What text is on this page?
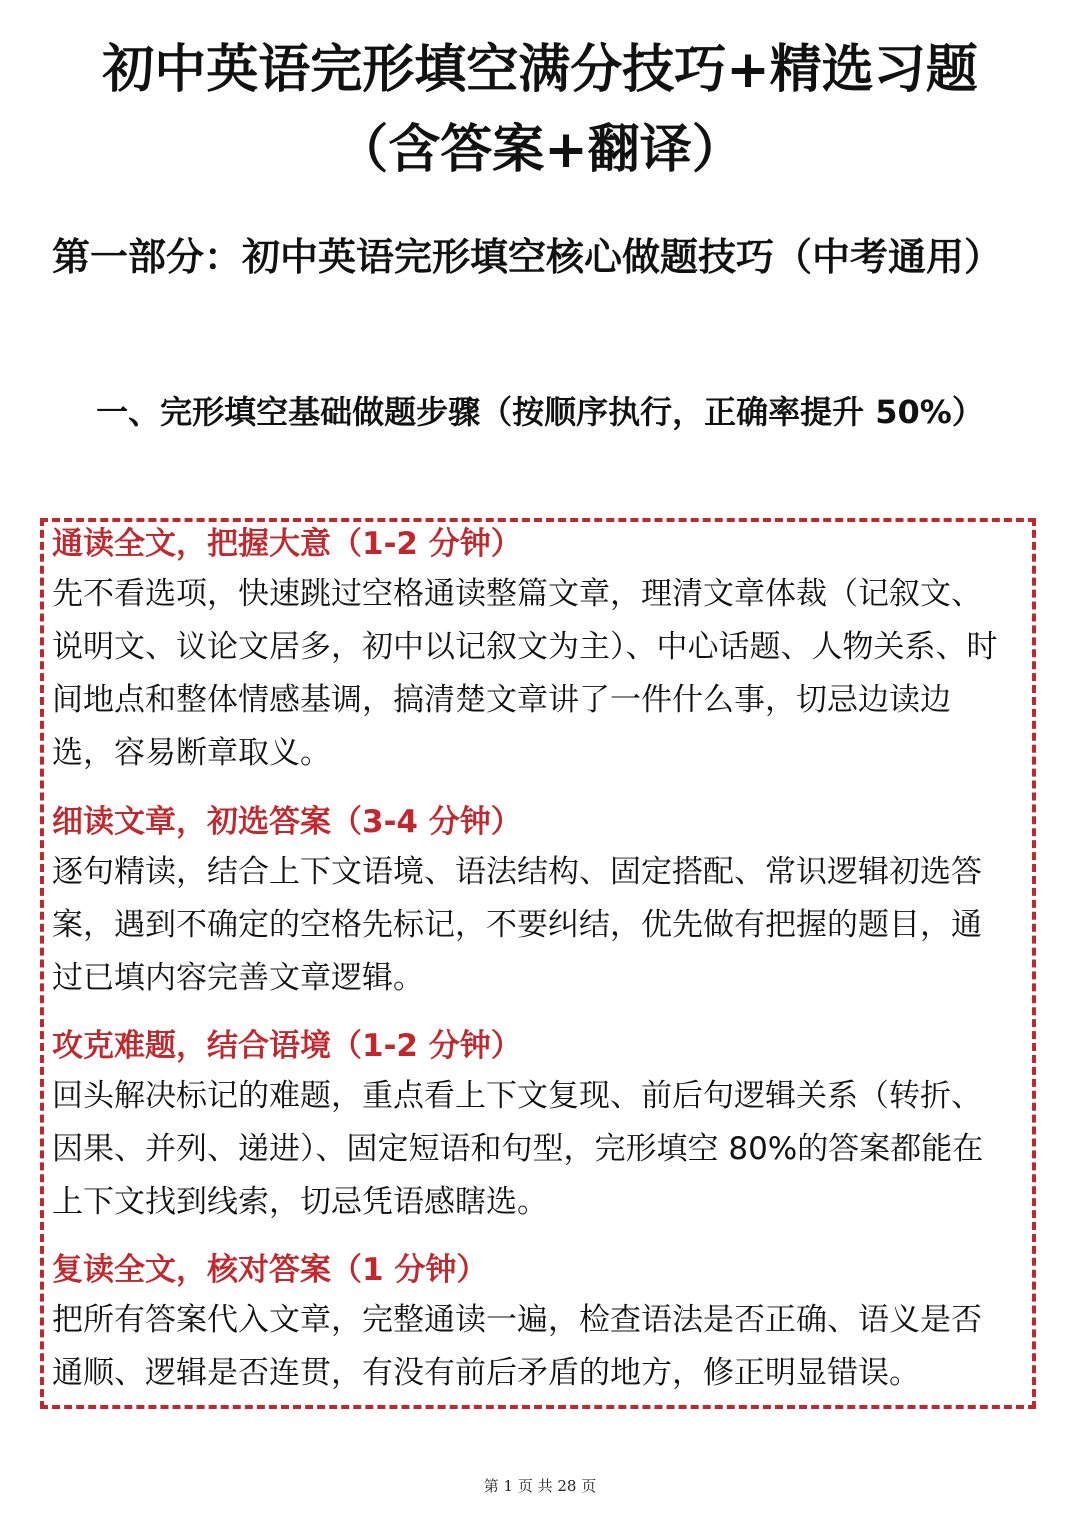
初中英语完形填空满分技巧+精选习题
（含答案+翻译）
第一部分：初中英语完形填空核心做题技巧（中考通用）
一、完形填空基础做题步骤（按顺序执行，正确率提升 50%）

通读全文，把握大意（1-2 分钟）

先不看选项，快速跳过空格通读整篇文章，理清文章体裁（记叙文、说明文、议论文居多，初中以记叙文为主）、中心话题、人物关系、时间地点和整体情感基调，搞清楚文章讲了一件什么事，切忌边读边选，容易断章取义。

细读文章，初选答案（3-4 分钟）

逐句精读，结合上下文语境、语法结构、固定搭配、常识逻辑初选答案，遇到不确定的空格先标记，不要纠结，优先做有把握的题目，通过已填内容完善文章逻辑。

攻克难题，结合语境（1-2 分钟）

回头解决标记的难题，重点看上下文复现、前后句逻辑关系（转折、因果、并列、递进）、固定短语和句型，完形填空 80%的答案都能在上下文找到线索，切忌凭语感瞎选。

复读全文，核对答案（1 分钟）

把所有答案代入文章，完整通读一遍，检查语法是否正确、语义是否通顺、逻辑是否连贯，有没有前后矛盾的地方，修正明显错误。

第 1 页 共 28 页
